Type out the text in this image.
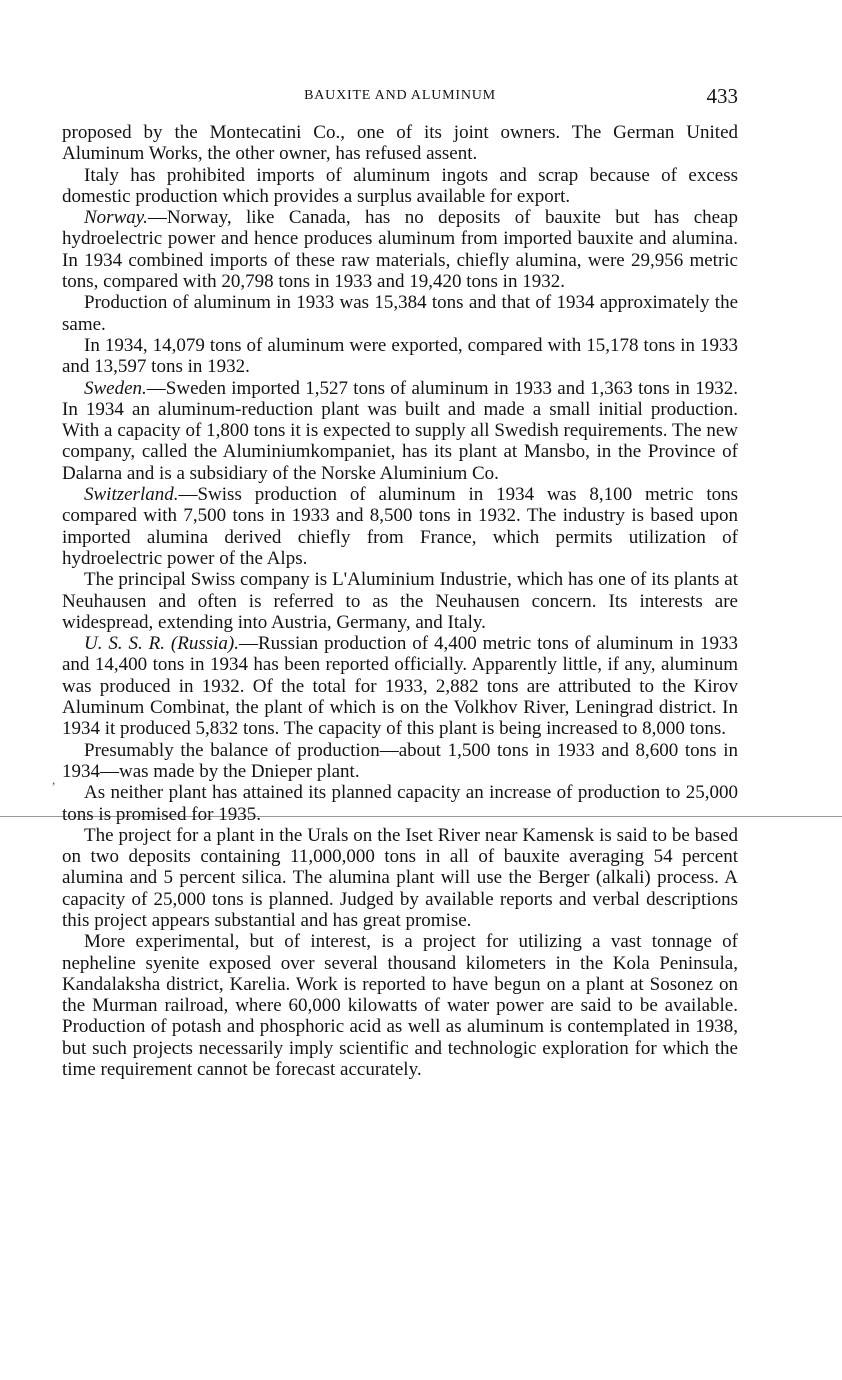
,
BAUXITE AND ALUMINUM	433

proposed by the Montecatini Co., one of its joint owners. The German United Aluminum Works, the other owner, has refused assent.

Italy has prohibited imports of aluminum ingots and scrap because of excess domestic production which provides a surplus available for export.

Norway.—Norway, like Canada, has no deposits of bauxite but has cheap hydroelectric power and hence produces aluminum from imported bauxite and alumina. In 1934 combined imports of these raw materials, chiefly alumina, were 29,956 metric tons, compared with 20,798 tons in 1933 and 19,420 tons in 1932.

Production of aluminum in 1933 was 15,384 tons and that of 1934 approximately the same.

In 1934, 14,079 tons of aluminum were exported, compared with 15,178 tons in 1933 and 13,597 tons in 1932.

Sweden.—Sweden imported 1,527 tons of aluminum in 1933 and 1,363 tons in 1932. In 1934 an aluminum-reduction plant was built and made a small initial production. With a capacity of 1,800 tons it is expected to supply all Swedish requirements. The new company, called the Aluminiumkompaniet, has its plant at Mansbo, in the Province of Dalarna and is a subsidiary of the Norske Aluminium Co.

Switzerland.—Swiss production of aluminum in 1934 was 8,100 metric tons compared with 7,500 tons in 1933 and 8,500 tons in 1932. The industry is based upon imported alumina derived chiefly from France, which permits utilization of hydroelectric power of the Alps.

The principal Swiss company is L'Aluminium Industrie, which has one of its plants at Neuhausen and often is referred to as the Neuhausen concern. Its interests are widespread, extending into Austria, Germany, and Italy.

U. S. S. R. (Russia).—Russian production of 4,400 metric tons of aluminum in 1933 and 14,400 tons in 1934 has been reported officially. Apparently little, if any, aluminum was produced in 1932. Of the total for 1933, 2,882 tons are attributed to the Kirov Aluminum Combinat, the plant of which is on the Volkhov River, Leningrad district. In 1934 it produced 5,832 tons. The capacity of this plant is being increased to 8,000 tons.

Presumably the balance of production—about 1,500 tons in 1933 and 8,600 tons in 1934—was made by the Dnieper plant.

As neither plant has attained its planned capacity an increase of production to 25,000 tons is promised for 1935.

The project for a plant in the Urals on the Iset River near Kamensk is said to be based on two deposits containing 11,000,000 tons in all of bauxite averaging 54 percent alumina and 5 percent silica. The alumina plant will use the Berger (alkali) process. A capacity of 25,000 tons is planned. Judged by available reports and verbal descriptions this project appears substantial and has great promise.

More experimental, but of interest, is a project for utilizing a vast tonnage of nepheline syenite exposed over several thousand kilometers in the Kola Peninsula, Kandalaksha district, Karelia. Work is reported to have begun on a plant at Sosonez on the Murman railroad, where 60,000 kilowatts of water power are said to be available. Production of potash and phosphoric acid as well as aluminum is contemplated in 1938, but such projects necessarily imply scientific and technologic exploration for which the time requirement cannot be forecast accurately.
